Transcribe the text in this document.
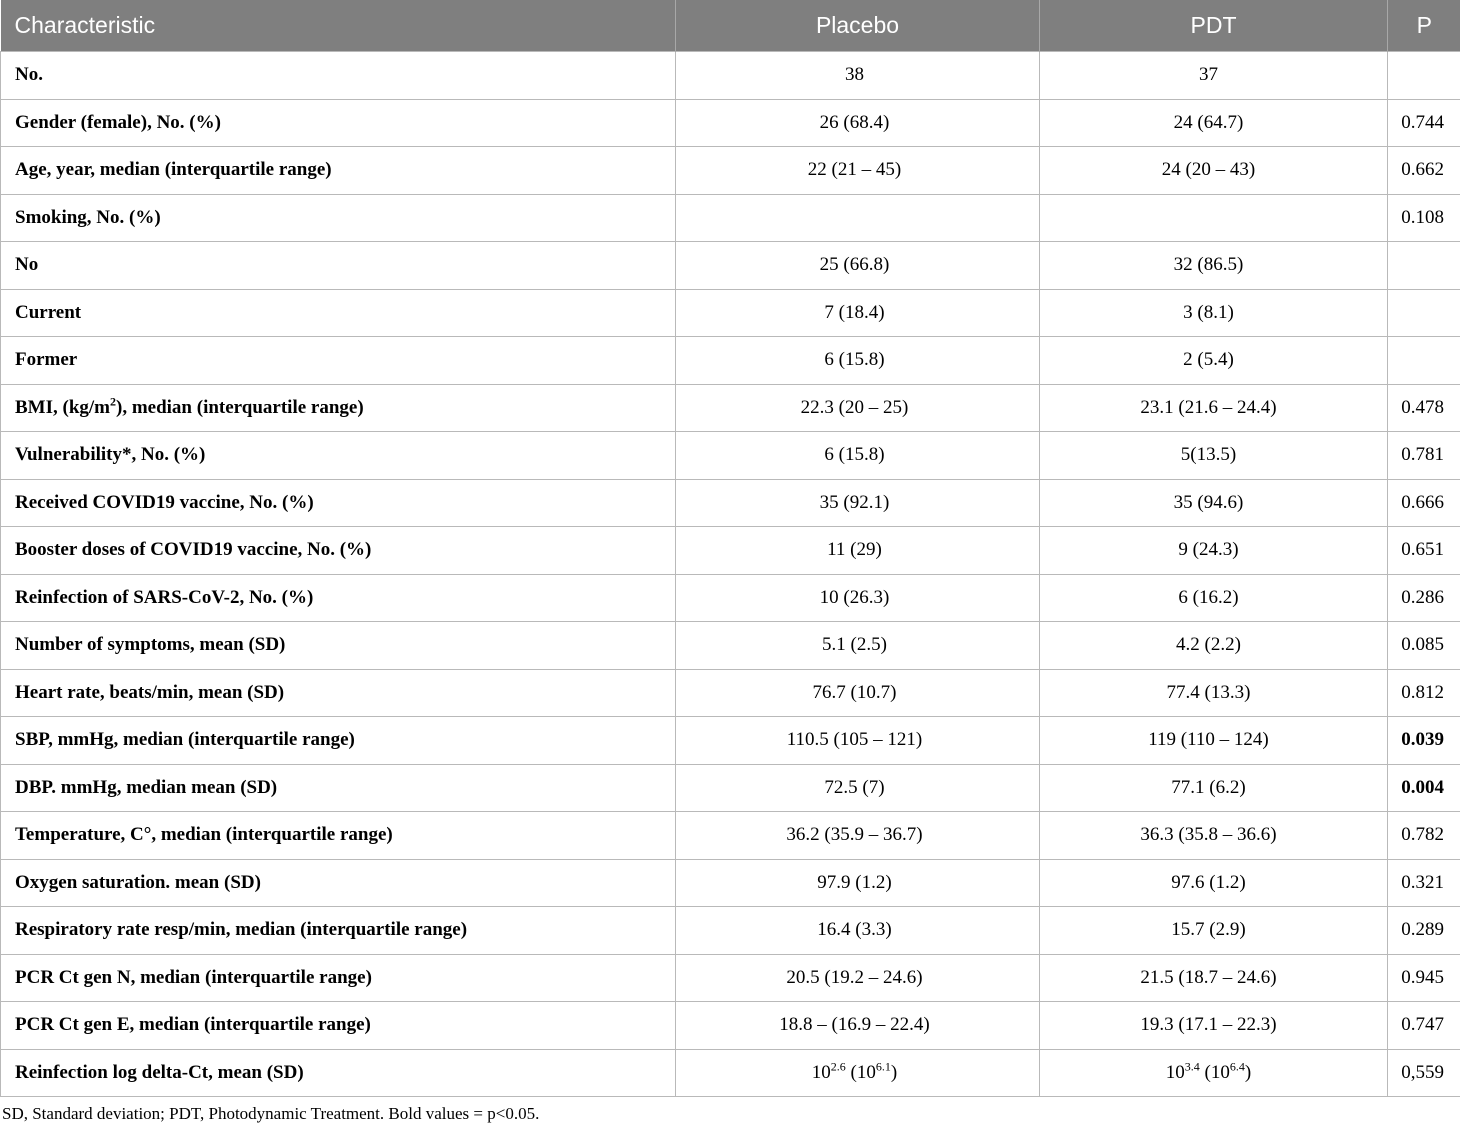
Characteristic	Placebo	PDT	P
No.	38	37	
Gender (female), No. (%)	26 (68.4)	24 (64.7)	0.744
Age, year, median (interquartile range)	22 (21 – 45)	24 (20 – 43)	0.662
Smoking, No. (%)			0.108
No	25 (66.8)	32 (86.5)	
Current	7 (18.4)	3 (8.1)	
Former	6 (15.8)	2 (5.4)	
BMI, $(kg/m^2)$, median (interquartile range)	22.3 (20 – 25)	23.1 (21.6 – 24.4)	0.478
Vulnerability*, No. (%)	6 (15.8)	5(13.5)	0.781
Received COVID19 vaccine, No. (%)	35 (92.1)	35 (94.6)	0.666
Booster doses of COVID19 vaccine, No. (%)	11 (29)	9 (24.3)	0.651
Reinfection of SARS-CoV-2, No. (%)	10 (26.3)	6 (16.2)	0.286
Number of symptoms, mean (SD)	5.1 (2.5)	4.2 (2.2)	0.085
Heart rate, beats/min, mean (SD)	76.7 (10.7)	77.4 (13.3)	0.812
SBP, mmHg, median (interquartile range)	110.5 (105 – 121)	119 (110 – 124)	0.039
DBP. mmHg, median mean (SD)	72.5 (7)	77.1 (6.2)	0.004
Temperature, C°, median (interquartile range)	36.2 (35.9 – 36.7)	36.3 (35.8 – 36.6)	0.782
Oxygen saturation. mean (SD)	97.9 (1.2)	97.6 (1.2)	0.321
Respiratory rate resp/min, median (interquartile range)	16.4 (3.3)	15.7 (2.9)	0.289
PCR Ct gen N, median (interquartile range)	20.5 (19.2 – 24.6)	21.5 (18.7 – 24.6)	0.945
PCR Ct gen E, median (interquartile range)	18.8 – (16.9 – 22.4)	19.3 (17.1 – 22.3)	0.747
Reinfection log delta-Ct, mean (SD)	$10^{2.6}$ $(10^{6.1})$	$10^{3.4}$ $(10^{6.4})$	0,559
SD, Standard deviation; PDT, Photodynamic Treatment. Bold values = p<0.05.
